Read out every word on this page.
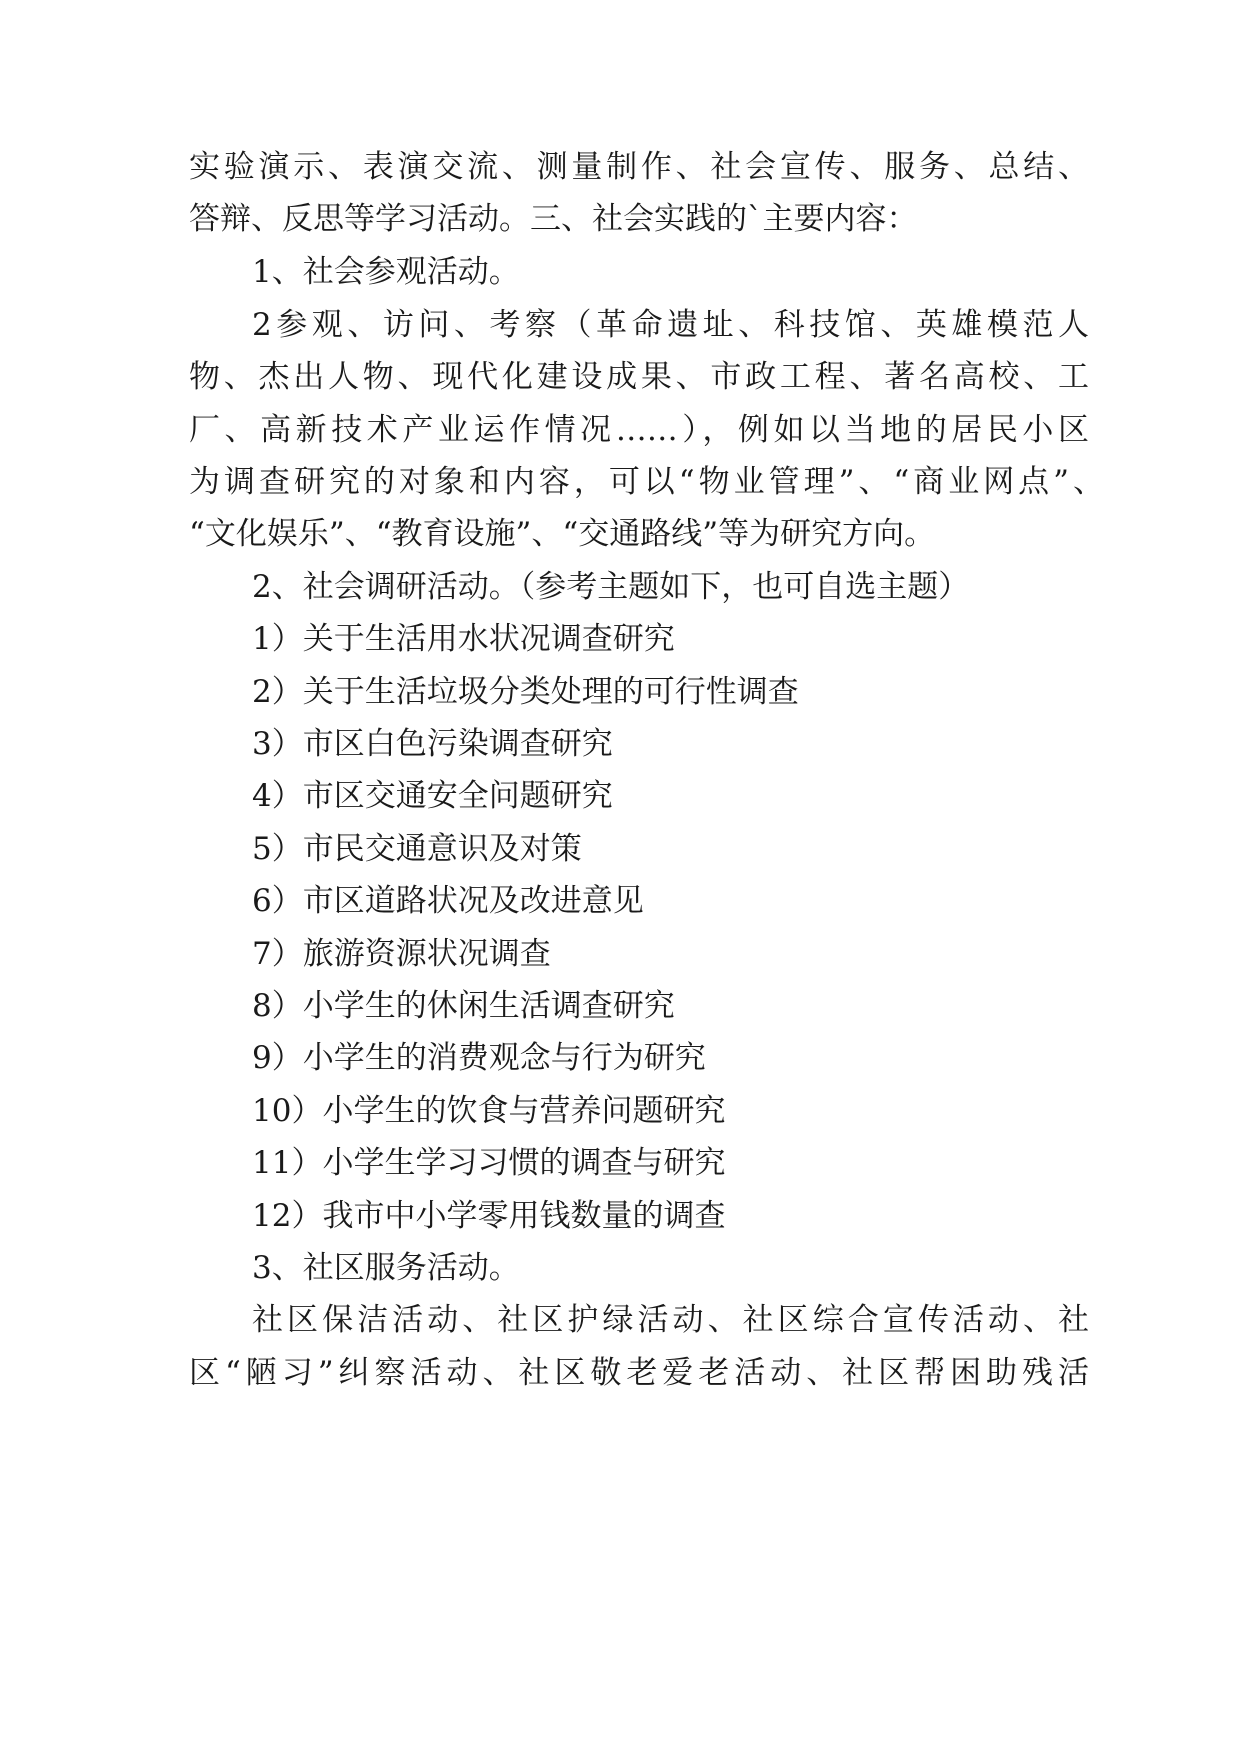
实验演示、表演交流、测量制作、社会宣传、服务、总结、
答辩、反思等学习活动。三、社会实践的`主要内容：
1、社会参观活动。
2参观、访问、考察（革命遗址、科技馆、英雄模范人
物、杰出人物、现代化建设成果、市政工程、著名高校、工
厂、高新技术产业运作情况……），例如以当地的居民小区
为调查研究的对象和内容，可以“物业管理”、“商业网点”、
“文化娱乐”、“教育设施”、“交通路线”等为研究方向。
2、社会调研活动。（参考主题如下，也可自选主题）
1）关于生活用水状况调查研究
2）关于生活垃圾分类处理的可行性调查
3）市区白色污染调查研究
4）市区交通安全问题研究
5）市民交通意识及对策
6）市区道路状况及改进意见
7）旅游资源状况调查
8）小学生的休闲生活调查研究
9）小学生的消费观念与行为研究
10）小学生的饮食与营养问题研究
11）小学生学习习惯的调查与研究
12）我市中小学零用钱数量的调查
3、社区服务活动。
社区保洁活动、社区护绿活动、社区综合宣传活动、社
区“陋习”纠察活动、社区敬老爱老活动、社区帮困助残活
